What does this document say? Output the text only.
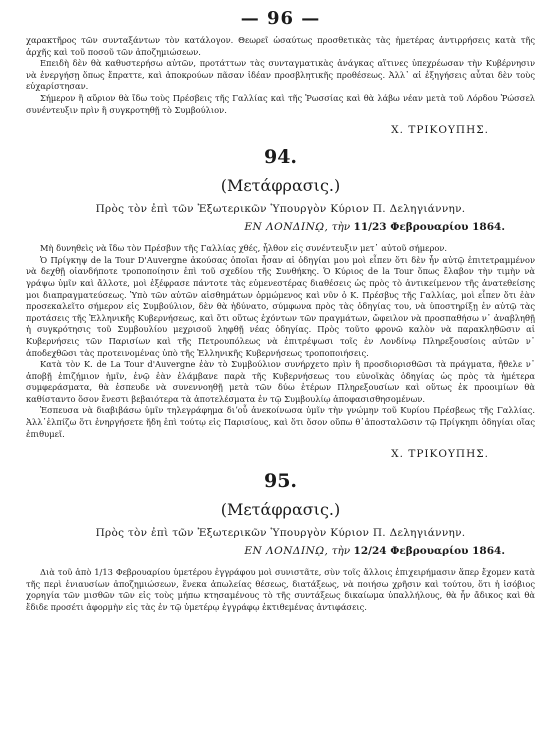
— 96 —

χαρακτῆρος τῶν συνταξάντων τὸν κατάλογον. Θεωρεῖ ὡσαύτως προσθετικὰς τὰς ἡμετέρας ἀντιρρήσεις κατὰ τῆς ἀρχῆς καὶ τοῦ ποσοῦ τῶν ἀποζημιώσεων.

Επειδὴ δὲν θὰ καθυστερήσω αὐτῶν, προτάττων τὰς συνταγματικὰς ἀνάγκας αἵτινες ὑπεχρέωσαν τὴν Κυβέρνησιν νὰ ἐνεργήσῃ ὅπως ἔπραττε, καὶ ἀποκρούων πᾶσαν ἰδέαν προσβλητικῆς προθέσεως. Ἀλλ᾽ αἱ ἐξηγήσεις αὗται δὲν τοὺς εὐχαρίστησαν.

Σήμερον ἢ αὔριον θὰ ἴδω τοὺς Πρέσβεις τῆς Γαλλίας καὶ τῆς Ῥωσσίας καὶ θὰ λάβω νέαν μετὰ τοῦ Λόρδου Ῥώσσελ συνέντευξιν πρὶν ἢ συγκροτηθῇ τὸ Συμβούλιον.

Χ. ΤΡΙΚΟΥΠΗΣ.
94.
(Μετάφρασις.)
Πρὸς τὸν ἐπὶ τῶν Ἐξωτερικῶν Ὑπουργὸν Κύριον Π. Δεληγιάννην.
ΕΝ ΛΟΝΔΙΝῼ, τὴν 11/23 Φεβρουαρίου 1864.

Μὴ δυνηθεὶς νὰ ἴδω τὸν Πρέσβυν τῆς Γαλλίας χθές, ἦλθον εἰς συνέντευξιν μετ᾽ αὐτοῦ σήμερον.

Ὁ Πρίγκηψ de la Tour D'Auvergne ἀκούσας ὁποῖαι ἦσαν αἱ ὁδηγίαι μου μοὶ εἶπεν ὅτι δὲν ἦν αὐτῷ ἐπιτετραμμένον νὰ δεχθῇ οἱανδήποτε τροποποίησιν ἐπὶ τοῦ σχεδίου τῆς Συνθήκης. Ὁ Κύριος de la Tour ὅπως ἔλαβον τὴν τιμὴν νὰ γράψω ὑμῖν καὶ ἄλλοτε, μοὶ ἐξέφρασε πάντοτε τὰς εὐμενεστέρας διαθέσεις ὡς πρὸς τὸ ἀντικείμενον τῆς ἀνατεθείσης μοι διαπραγματεύσεως. Ὑπὸ τῶν αὐτῶν αἰσθημάτων ὁρμώμενος καὶ νῦν ὁ Κ. Πρέσβυς τῆς Γαλλίας, μοὶ εἶπεν ὅτι ἐὰν προσεκαλεῖτο σήμερον εἰς Συμβούλιον, δὲν θὰ ἠδύνατο, σύμφωνα πρὸς τὰς ὁδηγίας του, νὰ ὑποστηρίξῃ ἐν αὐτῷ τὰς προτάσεις τῆς Ἑλληνικῆς Κυβερνήσεως, καὶ ὅτι οὕτως ἐχόντων τῶν πραγμάτων, ὤφειλον νὰ προσπαθήσω ν᾽ ἀναβληθῇ ἡ συγκρότησις τοῦ Συμβουλίου μεχρισοῦ ληφθῇ νέας ὁδηγίας. Πρὸς τοῦτο φρονῶ καλὸν νὰ παρακληθῶσιν αἱ Κυβερνήσεις τῶν Παρισίων καὶ τῆς Πετρουπόλεως νὰ ἐπιτρέψωσι τοῖς ἐν Λονδίνῳ Πληρεξουσίοις αὐτῶν ν᾽ ἀποδεχθῶσι τὰς προτεινομένας ὑπὸ τῆς Ἑλληνικῆς Κυβερνήσεως τροποποιήσεις.

Κατὰ τὸν Κ. de La Tour d'Auvergne ἐὰν τὸ Συμβούλιον συνήρχετο πρὶν ἢ προσδιορισθῶσι τὰ πράγματα, ἤθελε ν᾽ ἀποβῇ ἐπιζήμιον ἡμῖν, ἐνῷ ἐὰν ἐλάμβανε παρὰ τῆς Κυβερνήσεως του εὐνοϊκὰς ὁδηγίας ὡς πρὸς τὰ ἡμέτερα συμφεράσματα, θὰ ἐσπευδε νὰ συνεννοηθῇ μετὰ τῶν δύω ἑτέρων Πληρεξουσίων καὶ οὕτως ἐκ προοιμίων θὰ καθίσταντο ὅσον ἔνεστι βεβαιότερα τὰ ἀποτελέσματα ἐν τῷ Συμβουλίῳ ἀποφασισθησομένων.

Ἐσπευσα νὰ διαβιβάσω ὑμῖν τηλεγράφημα διʼοὗ ἀνεκοίνωσα ὑμῖν τὴν γνώμην τοῦ Κυρίου Πρέσβεως τῆς Γαλλίας. Ἀλλ᾽ἐλπίζω ὅτι ἐνηργήσετε ἤδη ἐπὶ τούτῳ εἰς Παρισίους, καὶ ὅτι ὅσον οὔπω θ᾽ἀποσταλῶσιν τῷ Πρίγκηπι ὁδηγίαι οἵας ἐπιθυμεῖ.

Χ. ΤΡΙΚΟΥΠΗΣ.
95.
(Μετάφρασις.)
Πρὸς τὸν ἐπὶ τῶν Ἐξωτερικῶν Ὑπουργὸν Κύριον Π. Δεληγιάννην.
ΕΝ ΛΟΝΔΙΝῼ, τὴν 12/24 Φεβρουαρίου 1864.

Διὰ τοῦ ἀπὸ 1/13 Φεβρουαρίου ὑμετέρου ἐγγράφου μοὶ συνιστᾶτε, σὺν τοῖς ἄλλοις ἐπιχειρήμασιν ἅπερ ἔχομεν κατὰ τῆς περὶ ἐνιαυσίων ἀποζημιώσεων, ἕνεκα ἀπωλείας θέσεως, διατάξεως, νὰ ποιήσω χρῆσιν καὶ τούτου, ὅτι ἡ ἰσόβιος χορηγία τῶν μισθῶν τῶν εἰς τοὺς μήπω κτησαμένους τὸ τῆς συντάξεως δικαίωμα ὑπαλλήλους, θὰ ἦν ἄδικος καὶ θὰ ἔδιδε προσέτι ἀφορμὴν εἰς τὰς ἐν τῷ ὑμετέρῳ ἐγγράφῳ ἐκτιθεμένας ἀντιφάσεις.
